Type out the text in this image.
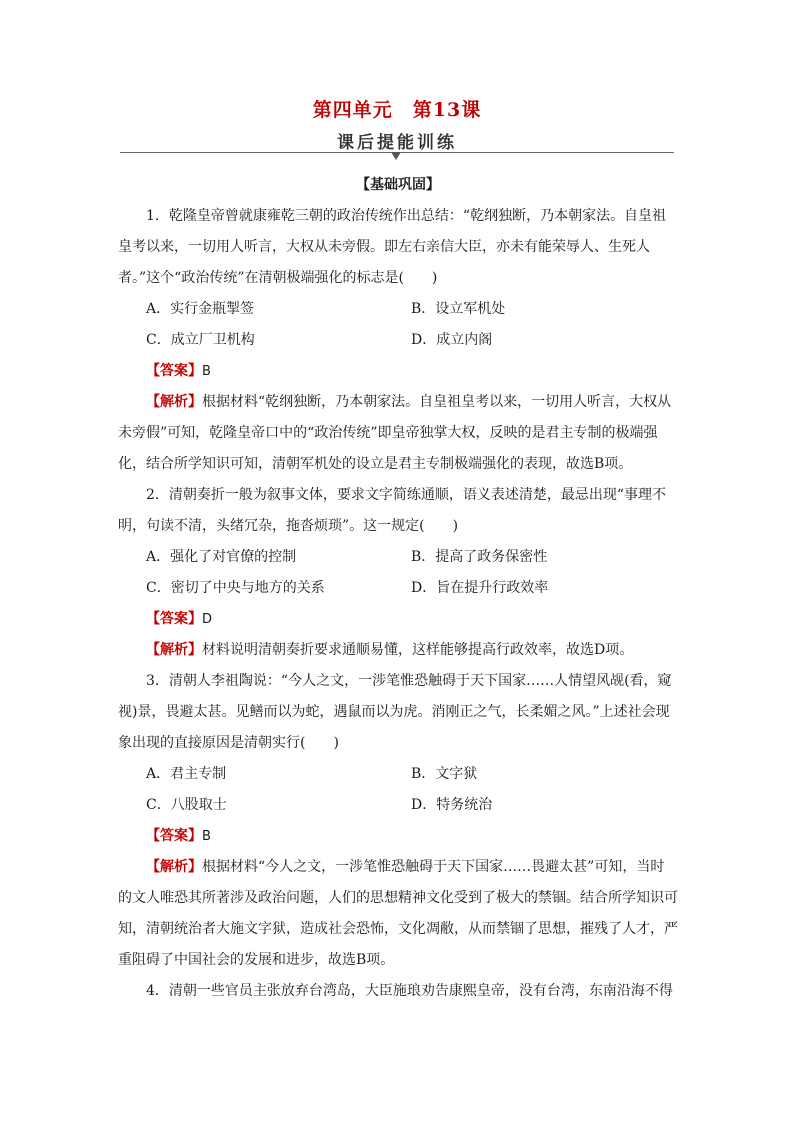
第四单元　第13课
课后提能训练

【基础巩固】

1．乾隆皇帝曾就康雍乾三朝的政治传统作出总结：“乾纲独断，乃本朝家法。自皇祖皇考以来，一切用人听言，大权从未旁假。即左右亲信大臣，亦未有能荣辱人、生死人者。”这个“政治传统”在清朝极端强化的标志是(　　)

A．实行金瓶掣签	B．设立军机处
C．成立厂卫机构	D．成立内阁

【答案】B

【解析】根据材料“乾纲独断，乃本朝家法。自皇祖皇考以来，一切用人听言，大权从未旁假”可知，乾隆皇帝口中的“政治传统”即皇帝独掌大权，反映的是君主专制的极端强化，结合所学知识可知，清朝军机处的设立是君主专制极端强化的表现，故选B项。

2．清朝奏折一般为叙事文体，要求文字简练通顺，语义表述清楚，最忌出现“事理不明，句读不清，头绪冗杂，拖沓烦琐”。这一规定(　　)

A．强化了对官僚的控制	B．提高了政务保密性
C．密切了中央与地方的关系	D．旨在提升行政效率

【答案】D

【解析】材料说明清朝奏折要求通顺易懂，这样能够提高行政效率，故选D项。

3．清朝人李祖陶说：“今人之文，一涉笔惟恐触碍于天下国家……人情望风觇(看，窥视)景，畏避太甚。见鳝而以为蛇，遇鼠而以为虎。消刚正之气，长柔媚之风。”上述社会现象出现的直接原因是清朝实行(　　)

A．君主专制	B．文字狱
C．八股取士	D．特务统治

【答案】B

【解析】根据材料“今人之文，一涉笔惟恐触碍于天下国家……畏避太甚”可知，当时的文人唯恐其所著涉及政治问题，人们的思想精神文化受到了极大的禁锢。结合所学知识可知，清朝统治者大施文字狱，造成社会恐怖，文化凋敝，从而禁锢了思想，摧残了人才，严重阻碍了中国社会的发展和进步，故选B项。

4．清朝一些官员主张放弃台湾岛，大臣施琅劝告康熙皇帝，没有台湾，东南沿海不得
